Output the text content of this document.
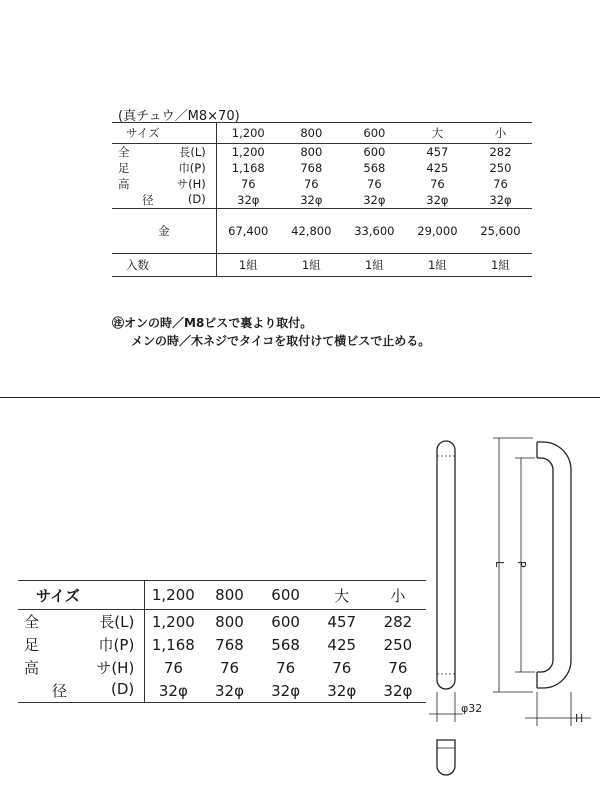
(真チュウ／M8×70)
サイズ	1,200	800	600	大	小

全 長(L)	1,200	800	600	457	282

足 巾(P)	1,168	768	568	425	250

高 サ(H)	76	76	76	76	76

径 (D)	32φ	32φ	32φ	32φ	32φ
金	67,400	42,800	33,600	29,000	25,600
入数	1組	1組	1組	1組	1組
㊟オンの時／M8ビスで裏より取付。
メンの時／木ネジでタイコを取付けて横ビスで止める。
サイズ	1,200	800	600	大	小

全 長(L)	1,200	800	600	457	282

足 巾(P)	1,168	768	568	425	250

高 サ(H)	76	76	76	76	76

径 (D)	32φ	32φ	32φ	32φ	32φ
φ32
L P
H
